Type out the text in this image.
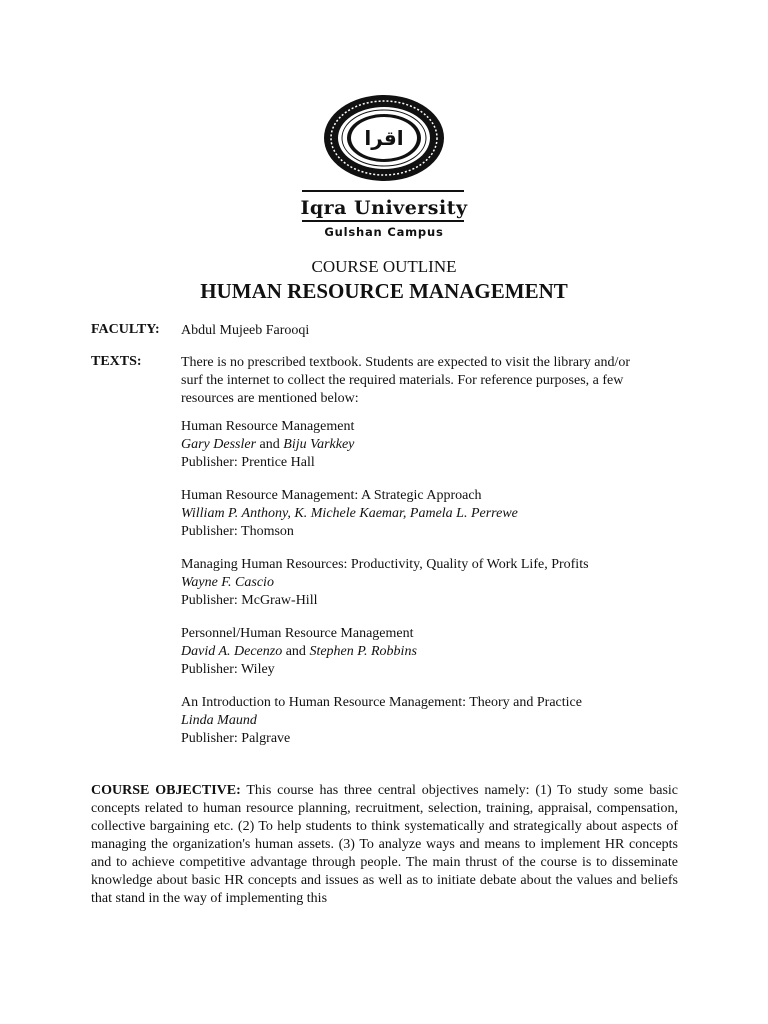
اقرا
Iqra University
Gulshan Campus
COURSE OUTLINE
HUMAN RESOURCE MANAGEMENT
FACULTY: Abdul Mujeeb Farooqi
TEXTS:	There is no prescribed textbook. Students are expected to visit the library and/or surf the internet to collect the required materials. For reference purposes, a few resources are mentioned below:
Human Resource Management
Gary Dessler and Biju Varkkey
Publisher: Prentice Hall
Human Resource Management: A Strategic Approach
William P. Anthony, K. Michele Kaemar, Pamela L. Perrewe
Publisher: Thomson
Managing Human Resources: Productivity, Quality of Work Life, Profits
Wayne F. Cascio
Publisher: McGraw-Hill
Personnel/Human Resource Management
David A. Decenzo and Stephen P. Robbins
Publisher: Wiley
An Introduction to Human Resource Management: Theory and Practice
Linda Maund
Publisher: Palgrave
COURSE OBJECTIVE: This course has three central objectives namely: (1) To study some basic concepts related to human resource planning, recruitment, selection, training, appraisal, compensation, collective bargaining etc. (2) To help students to think systematically and strategically about aspects of managing the organization's human assets. (3) To analyze ways and means to implement HR concepts and to achieve competitive advantage through people. The main thrust of the course is to disseminate knowledge about basic HR concepts and issues as well as to initiate debate about the values and beliefs that stand in the way of implementing this
